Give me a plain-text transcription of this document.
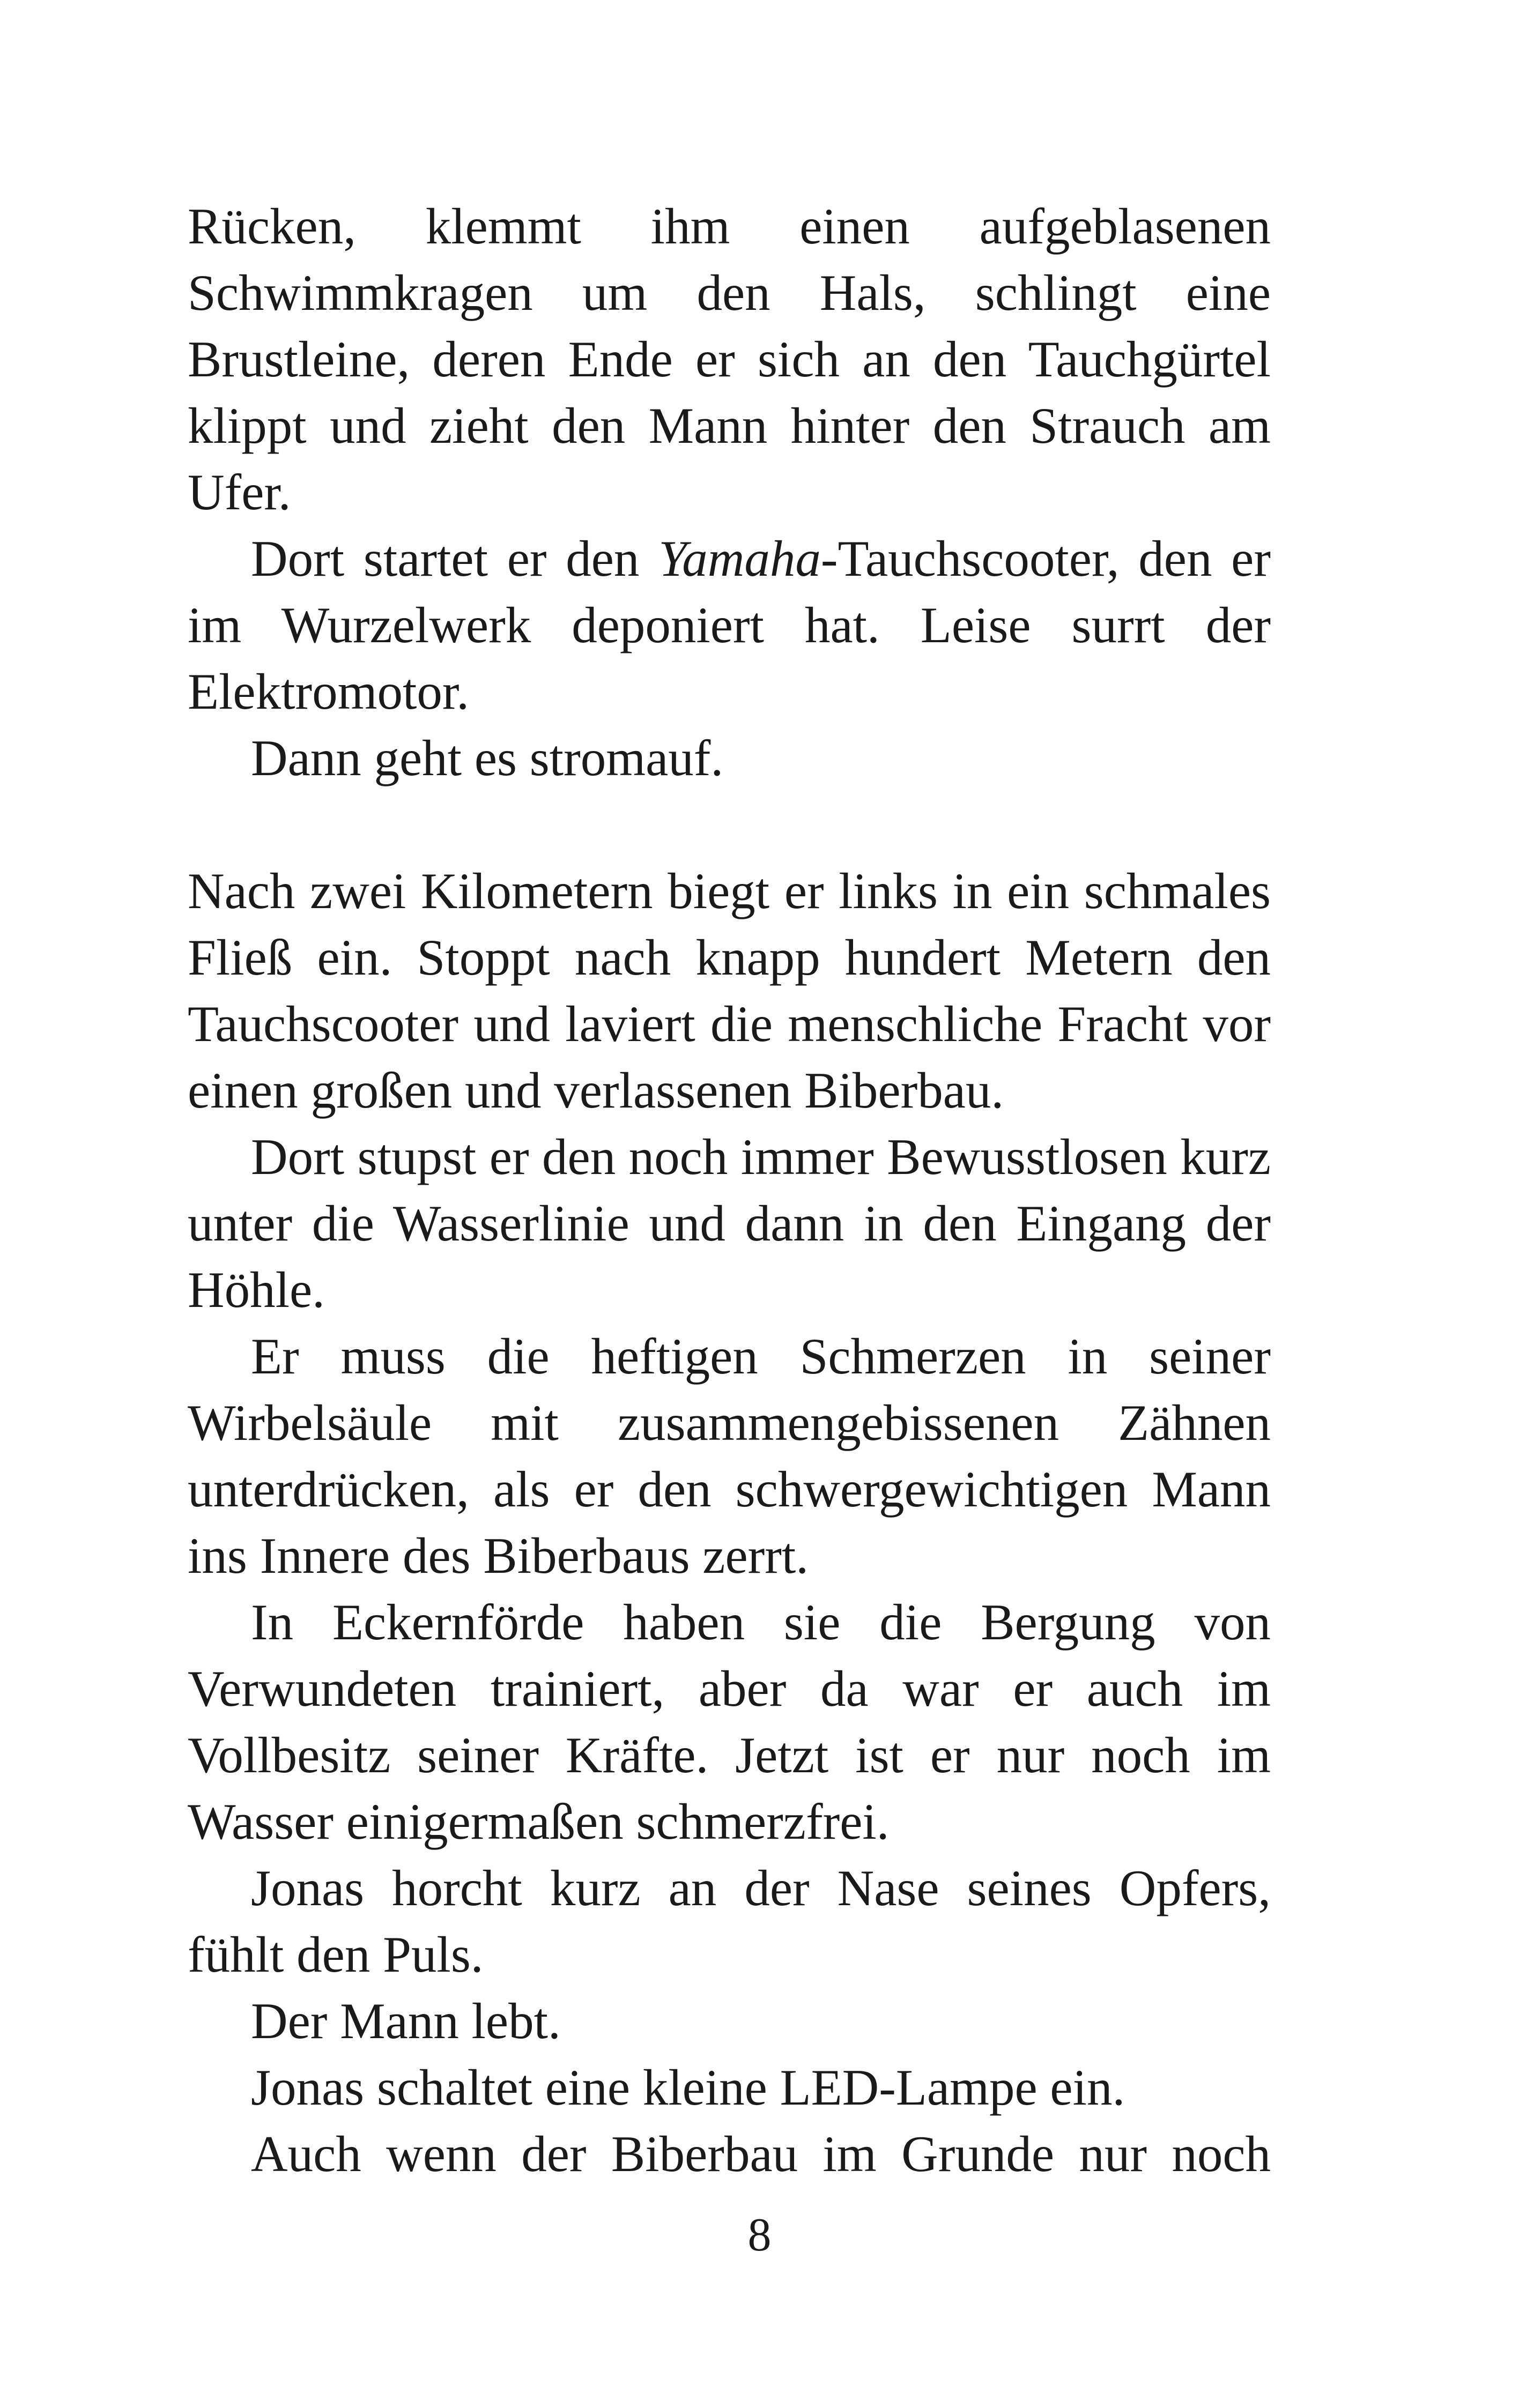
Rücken, klemmt ihm einen aufgeblasenen Schwimmkragen um den Hals, schlingt eine Brustleine, deren Ende er sich an den Tauchgürtel klippt und zieht den Mann hinter den Strauch am Ufer.

Dort startet er den Yamaha-Tauchscooter, den er im Wurzelwerk deponiert hat. Leise surrt der Elektromotor.

Dann geht es stromauf.

Nach zwei Kilometern biegt er links in ein schmales Fließ ein. Stoppt nach knapp hundert Metern den Tauchscooter und laviert die menschliche Fracht vor einen großen und verlassenen Biberbau.

Dort stupst er den noch immer Bewusstlosen kurz unter die Wasserlinie und dann in den Eingang der Höhle.

Er muss die heftigen Schmerzen in seiner Wirbelsäule mit zusammengebissenen Zähnen unterdrücken, als er den schwergewichtigen Mann ins Innere des Biberbaus zerrt.

In Eckernförde haben sie die Bergung von Verwundeten trainiert, aber da war er auch im Vollbesitz seiner Kräfte. Jetzt ist er nur noch im Wasser einigermaßen schmerzfrei.

Jonas horcht kurz an der Nase seines Opfers, fühlt den Puls.

Der Mann lebt.

Jonas schaltet eine kleine LED-Lampe ein.

Auch wenn der Biberbau im Grunde nur noch

8
